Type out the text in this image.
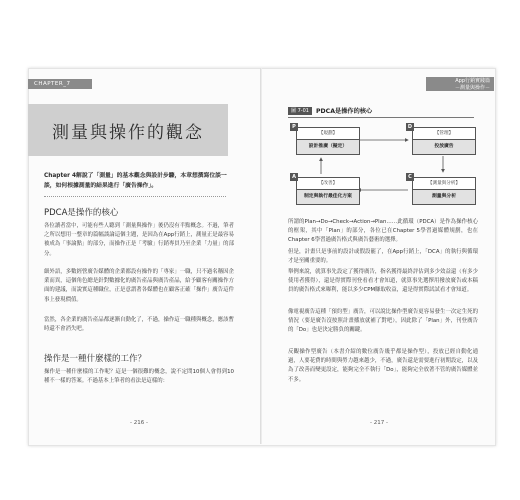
CHAPTER_7
測量與操作的觀念
Chapter 4解說了「測量」的基本觀念與設計步驟，本章想撰寫位談一談，如何根據測量的結果進行「廣告操作」。
PDCA是操作的核心
各位讀者當中，可能有些人聽到「測量與操作」後仍沒有半點概念。不過，筆者之所以想用一整章的篇幅談論這個主題，是因為在App行銷上，測量正是最容易被成為「事論點」的部分，而操作正是「考驗」行銷專員乃至企業「力量」的部分。
細外語，多數經營廣告媒體的企業都設有操作的「專家」一職，只不過名稱因企業而異，這個角色總是針對數據化的廣告產品與廣告產品，給予顧客有關操作方面的建議，而說實這種職位，正是意謂著各媒體也在顧客正確「操作」廣告這件事上發現價值。
當然，各企業的廣告產品都逐漸自動化了，不過，操作這一職種與概念，應該暫時還不會消失吧。
操作是一種什麼樣的工作？
操作是一種什麼樣的工作呢？這是一個很難的概念，說不定問10個人會得到10種不一樣的答案。不過基本上筆者的看法是這樣的：
- 216 -
App行銷實踐篇
－測量與操作－
圖 7-01	PDCA是操作的核心
【規劃】
設計推廣（擬定）
P
【管理】
投放廣告
D
【改善】
制定與執行最佳化方案
A
【測量與分析】
測量與分析
C
所謂的Plan→Do→Check→Action→Plan……此循環（PDCA）是作為操作核心的框架，其中「Plan」的部分，各位已在Chapter 5學習過媒體規劃，也在Chapter 6學習過廣告格式與廣告藝術的選擇。
但是，計畫只是事前的設計或假設罷了，在App行銷上，「DCA」的執行與循環才是至關重要的。
舉例來說，就算事先設定了獲得廣告，指名獲得最終評估到多少效益還（有多少使用者獲得），還是得實際刊登看看才會知道，就算事先選擇用撥放廣告或本稿員的廣告格式來曝利，能以多少CPM賺取收益，還是得實際試試看才會知道。
像電視廣告這種「預約型」廣告，可以說比操作型廣告更容易發生一次定生死的情況（要是廣告沒按照計畫播放就補了對吧），因此除了「Plan」外，刊登廣告的「Do」也是決定勝負的關鍵。
反觀操作型廣告（本書介紹的數位廣告幾乎都是操作型），投放已經自動化通過，人要花費的時間與勞力越來越少，不過，廣告還是需要進行初期設定，以及為了改善而變更設定，能夠完全不執行「Do」，能夠完全放著不管的廣告媒體並不多。
- 217 -
